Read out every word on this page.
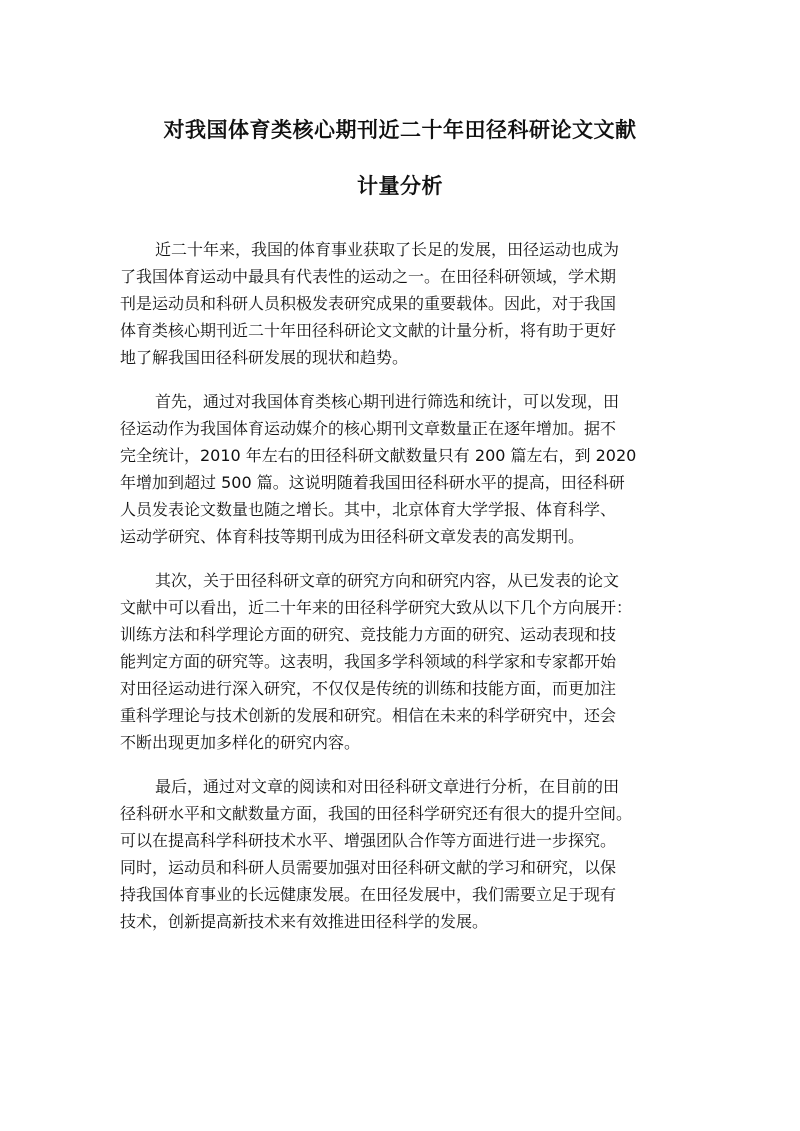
对我国体育类核心期刊近二十年田径科研论文文献
计量分析

近二十年来，我国的体育事业获取了长足的发展，田径运动也成为
了我国体育运动中最具有代表性的运动之一。在田径科研领域，学术期
刊是运动员和科研人员积极发表研究成果的重要载体。因此，对于我国
体育类核心期刊近二十年田径科研论文文献的计量分析，将有助于更好
地了解我国田径科研发展的现状和趋势。

首先，通过对我国体育类核心期刊进行筛选和统计，可以发现，田
径运动作为我国体育运动媒介的核心期刊文章数量正在逐年增加。据不
完全统计，2010 年左右的田径科研文献数量只有 200 篇左右，到 2020
年增加到超过 500 篇。这说明随着我国田径科研水平的提高，田径科研
人员发表论文数量也随之增长。其中，北京体育大学学报、体育科学、
运动学研究、体育科技等期刊成为田径科研文章发表的高发期刊。

其次，关于田径科研文章的研究方向和研究内容，从已发表的论文
文献中可以看出，近二十年来的田径科学研究大致从以下几个方向展开：
训练方法和科学理论方面的研究、竞技能力方面的研究、运动表现和技
能判定方面的研究等。这表明，我国多学科领域的科学家和专家都开始
对田径运动进行深入研究，不仅仅是传统的训练和技能方面，而更加注
重科学理论与技术创新的发展和研究。相信在未来的科学研究中，还会
不断出现更加多样化的研究内容。

最后，通过对文章的阅读和对田径科研文章进行分析，在目前的田
径科研水平和文献数量方面，我国的田径科学研究还有很大的提升空间。
可以在提高科学科研技术水平、增强团队合作等方面进行进一步探究。
同时，运动员和科研人员需要加强对田径科研文献的学习和研究，以保
持我国体育事业的长远健康发展。在田径发展中，我们需要立足于现有
技术，创新提高新技术来有效推进田径科学的发展。
